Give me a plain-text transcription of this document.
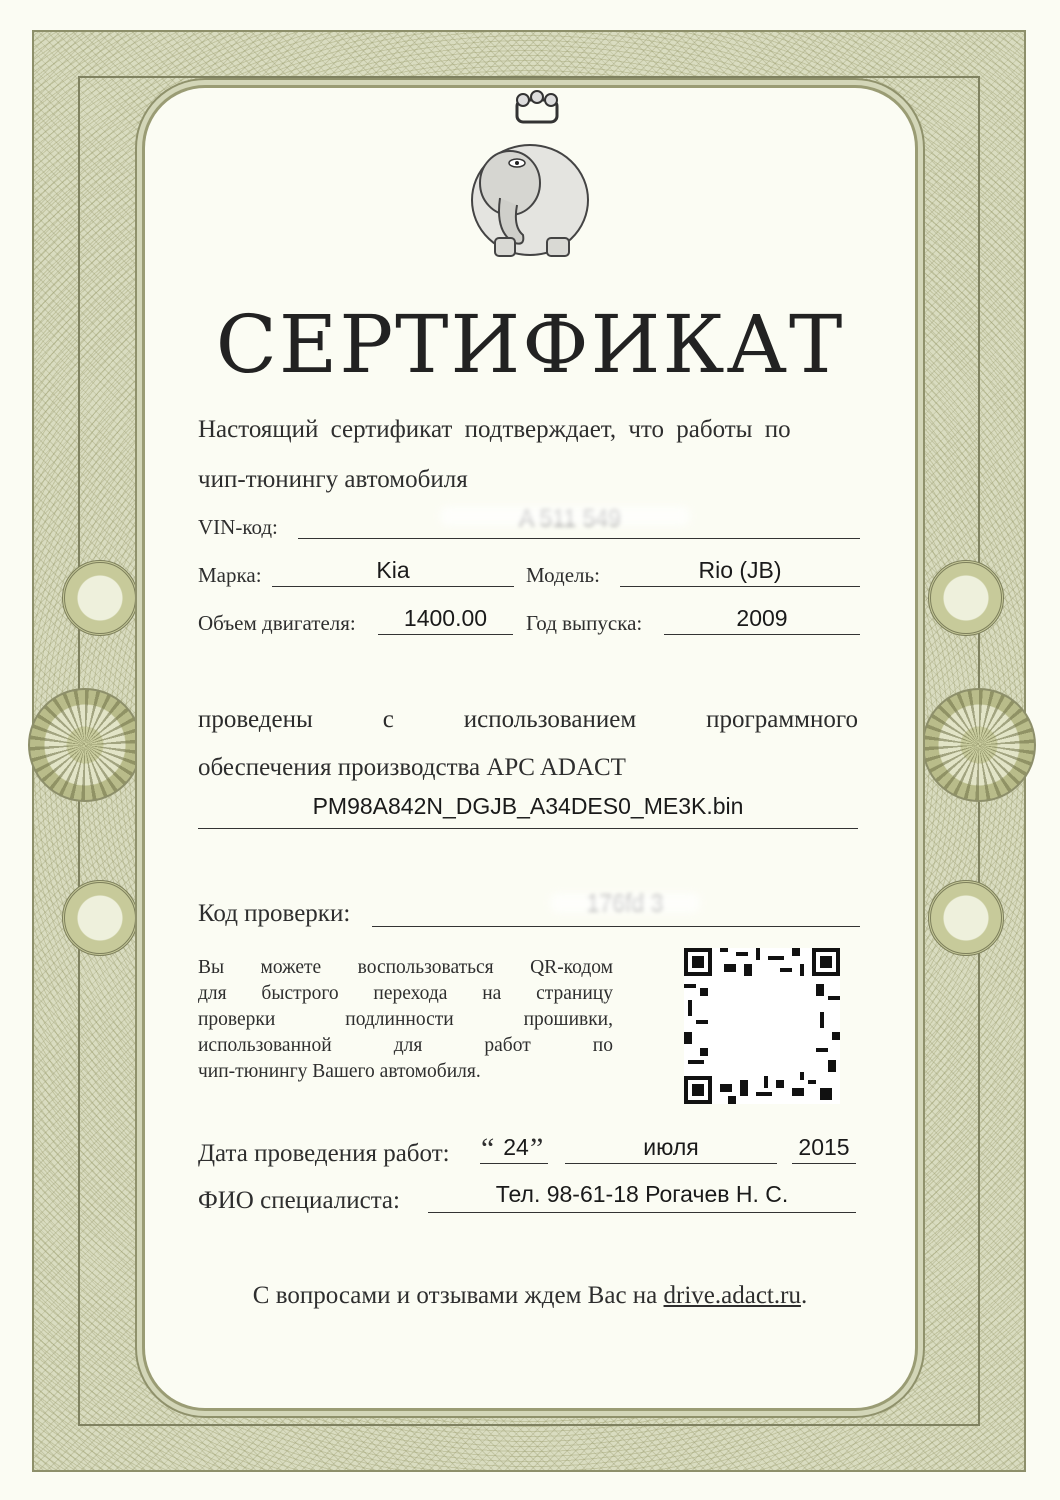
СЕРТИФИКАТ
Настоящий сертификат подтверждает, что работы по
чип-тюнингу автомобиля
VIN-код:
Марка:	Kia	Модель:	Rio (JB)
Объем двигателя:	1400.00	Год выпуска:	2009
проведены	с	использованием	программного
обеспечения производства APC ADACT
PM98A842N_DGJB_A34DES0_ME3K.bin
Код проверки:
Вы можете воспользоваться QR-кодом
для быстрого перехода на страницу
проверки подлинности прошивки,
использованной для работ по
чип-тюнингу Вашего автомобиля.
Дата проведения работ: “ 24 ”	июля	2015
ФИО специалиста:	Тел. 98-61-18 Рогачев Н. С.
С вопросами и отзывами ждем Вас на drive.adact.ru.
